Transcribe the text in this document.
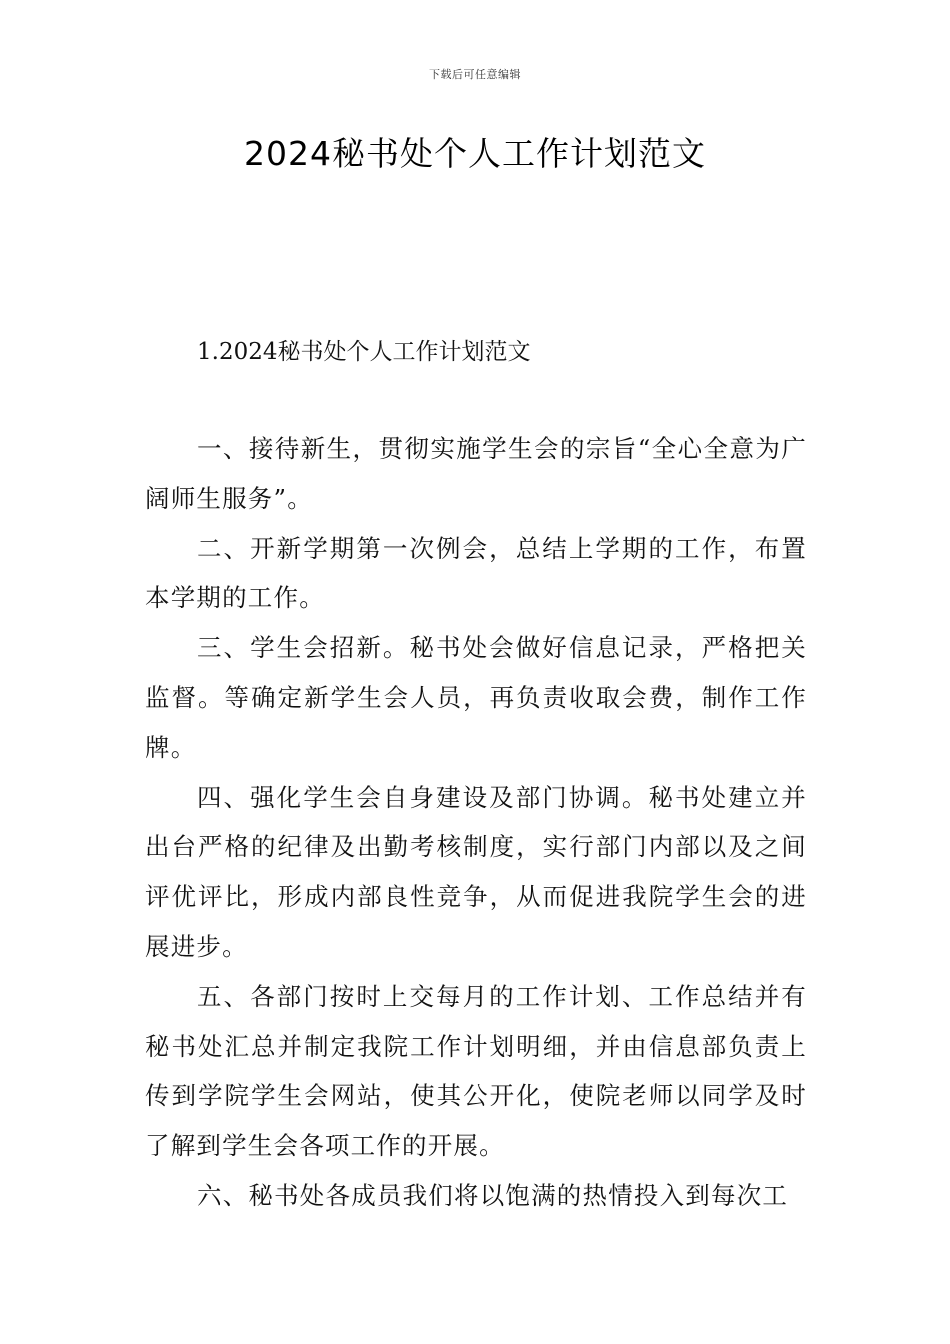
下载后可任意编辑
2024秘书处个人工作计划范文
1.2024秘书处个人工作计划范文

一、接待新生，贯彻实施学生会的宗旨“全心全意为广阔师生服务”。

二、开新学期第一次例会，总结上学期的工作，布置本学期的工作。

三、学生会招新。秘书处会做好信息记录，严格把关监督。等确定新学生会人员，再负责收取会费，制作工作牌。

四、强化学生会自身建设及部门协调。秘书处建立并出台严格的纪律及出勤考核制度，实行部门内部以及之间评优评比，形成内部良性竞争，从而促进我院学生会的进展进步。

五、各部门按时上交每月的工作计划、工作总结并有秘书处汇总并制定我院工作计划明细，并由信息部负责上传到学院学生会网站，使其公开化，使院老师以同学及时了解到学生会各项工作的开展。

六、秘书处各成员我们将以饱满的热情投入到每次工
